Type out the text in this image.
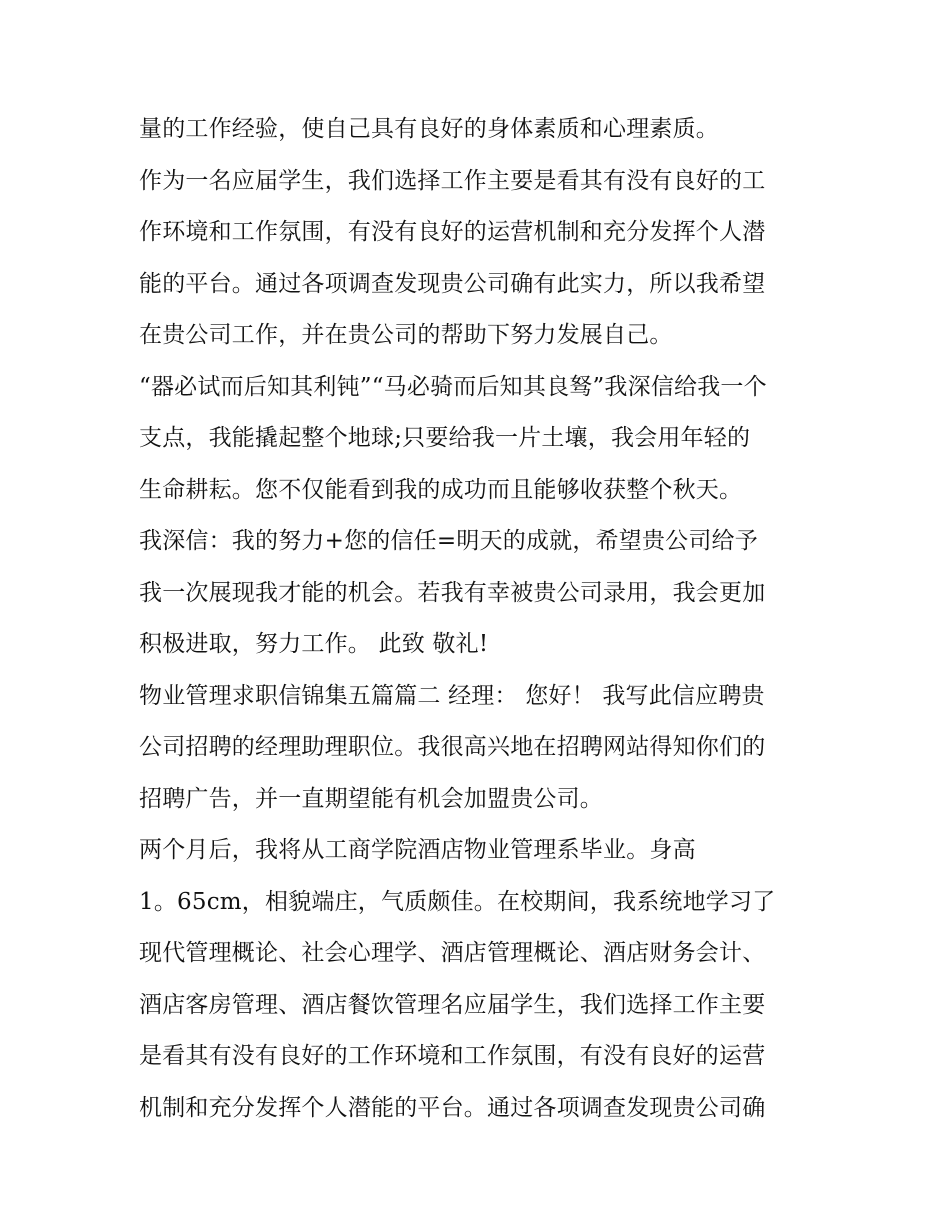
量的工作经验，使自己具有良好的身体素质和心理素质。
作为一名应届学生，我们选择工作主要是看其有没有良好的工
作环境和工作氛围，有没有良好的运营机制和充分发挥个人潜
能的平台。通过各项调查发现贵公司确有此实力，所以我希望
在贵公司工作，并在贵公司的帮助下努力发展自己。
“器必试而后知其利钝”“马必骑而后知其良驽”我深信给我一个
支点，我能撬起整个地球;只要给我一片土壤，我会用年轻的
生命耕耘。您不仅能看到我的成功而且能够收获整个秋天。
我深信：我的努力+您的信任=明天的成就，希望贵公司给予
我一次展现我才能的机会。若我有幸被贵公司录用，我会更加
积极进取，努力工作。 此致 敬礼!
物业管理求职信锦集五篇篇二 经理： 您好！ 我写此信应聘贵
公司招聘的经理助理职位。我很高兴地在招聘网站得知你们的
招聘广告，并一直期望能有机会加盟贵公司。
两个月后，我将从工商学院酒店物业管理系毕业。身高
1。65cm，相貌端庄，气质颇佳。在校期间，我系统地学习了
现代管理概论、社会心理学、酒店管理概论、酒店财务会计、
酒店客房管理、酒店餐饮管理名应届学生，我们选择工作主要
是看其有没有良好的工作环境和工作氛围，有没有良好的运营
机制和充分发挥个人潜能的平台。通过各项调查发现贵公司确
